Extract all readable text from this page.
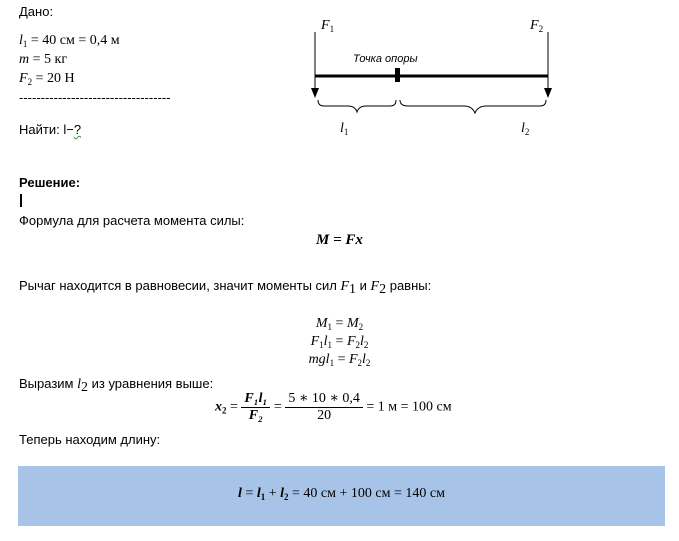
Дано:
$l_1 = 40$ см = 0,4 м
m = 5 кг
$F_2 = 20$ Н
-----------------------------------
Найти: l−?
$F_1$	$F_2$
Точка опоры
$l_1$	$l_2$
Решение:
Формула для расчета момента силы:
M = Fx
Рычаг находится в равновесии, значит моменты сил $F_1$ и $F_2$ равны:
$M_1 = M_2$
$F_1l_1 = F_2l_2$
$mgl_1 = F_2l_2$
Выразим $l_2$ из уравнения выше:
$x_2 = \frac{\text{F₁l₁}}{\text{F₂}} = \frac{5 ∗ 10 ∗ 0,4}{20} = 1$ м = 100 см
Теперь находим длину:
$l = l_1 + l_2 = 40$ см + 100 см = 140 см
